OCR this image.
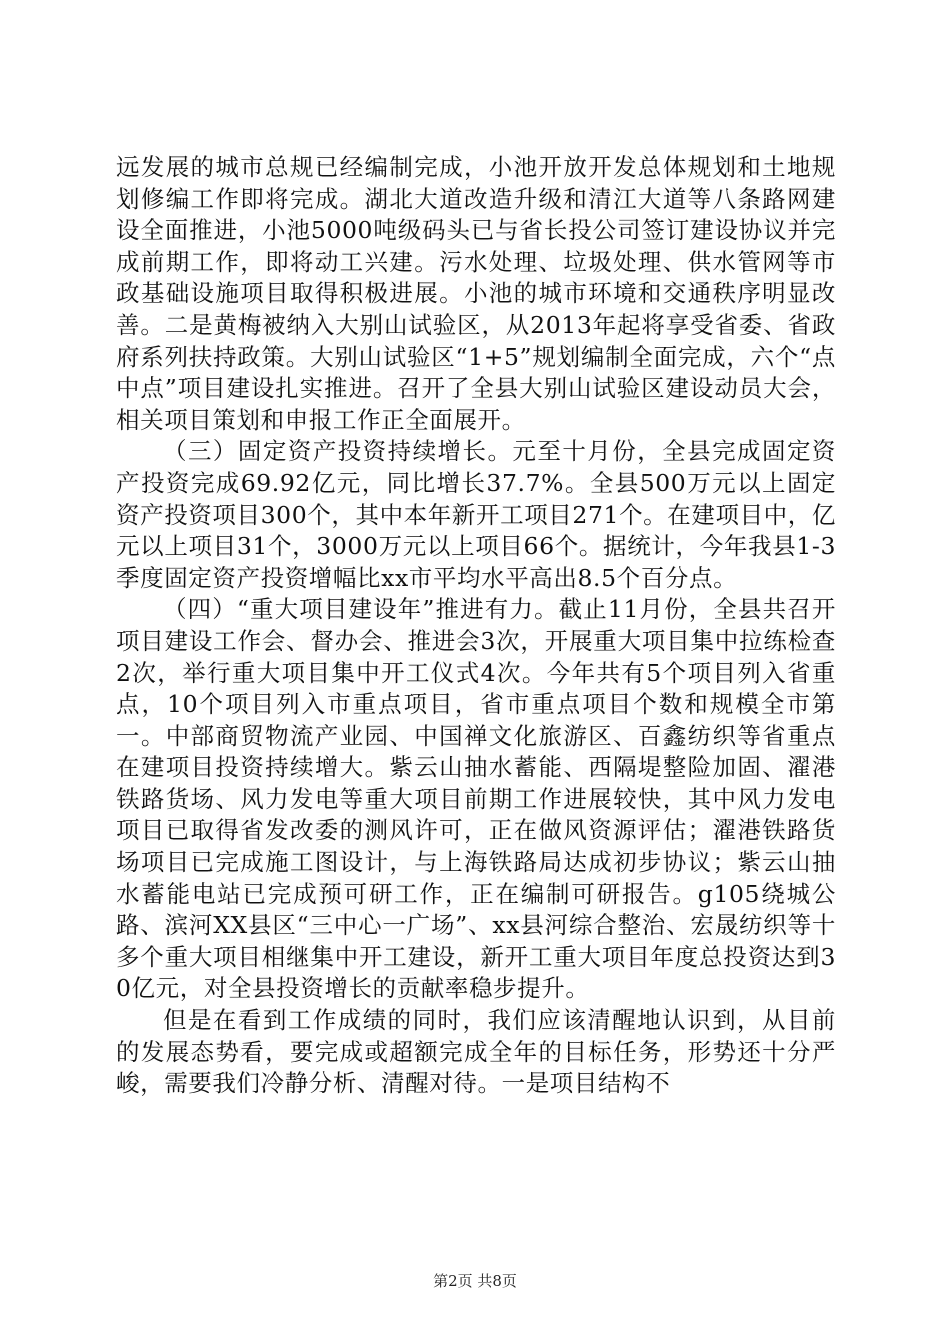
远发展的城市总规已经编制完成，小池开放开发总体规划和土地规划修编工作即将完成。湖北大道改造升级和清江大道等八条路网建设全面推进，小池5000吨级码头已与省长投公司签订建设协议并完成前期工作，即将动工兴建。污水处理、垃圾处理、供水管网等市政基础设施项目取得积极进展。小池的城市环境和交通秩序明显改善。二是黄梅被纳入大别山试验区，从2013年起将享受省委、省政府系列扶持政策。大别山试验区“1+5”规划编制全面完成，六个“点中点”项目建设扎实推进。召开了全县大别山试验区建设动员大会，相关项目策划和申报工作正全面展开。

（三）固定资产投资持续增长。元至十月份，全县完成固定资产投资完成69.92亿元，同比增长37.7%。全县500万元以上固定资产投资项目300个，其中本年新开工项目271个。在建项目中，亿元以上项目31个，3000万元以上项目66个。据统计，今年我县1-3季度固定资产投资增幅比xx市平均水平高出8.5个百分点。

（四）“重大项目建设年”推进有力。截止11月份，全县共召开项目建设工作会、督办会、推进会3次，开展重大项目集中拉练检查2次，举行重大项目集中开工仪式4次。今年共有5个项目列入省重点，10个项目列入市重点项目，省市重点项目个数和规模全市第一。中部商贸物流产业园、中国禅文化旅游区、百鑫纺织等省重点在建项目投资持续增大。紫云山抽水蓄能、西隔堤整险加固、濯港铁路货场、风力发电等重大项目前期工作进展较快，其中风力发电项目已取得省发改委的测风许可，正在做风资源评估；濯港铁路货场项目已完成施工图设计，与上海铁路局达成初步协议；紫云山抽水蓄能电站已完成预可研工作，正在编制可研报告。g105绕城公路、滨河XX县区“三中心一广场”、xx县河综合整治、宏晟纺织等十多个重大项目相继集中开工建设，新开工重大项目年度总投资达到30亿元，对全县投资增长的贡献率稳步提升。

但是在看到工作成绩的同时，我们应该清醒地认识到，从目前的发展态势看，要完成或超额完成全年的目标任务，形势还十分严峻，需要我们冷静分析、清醒对待。一是项目结构不

第2页 共8页
